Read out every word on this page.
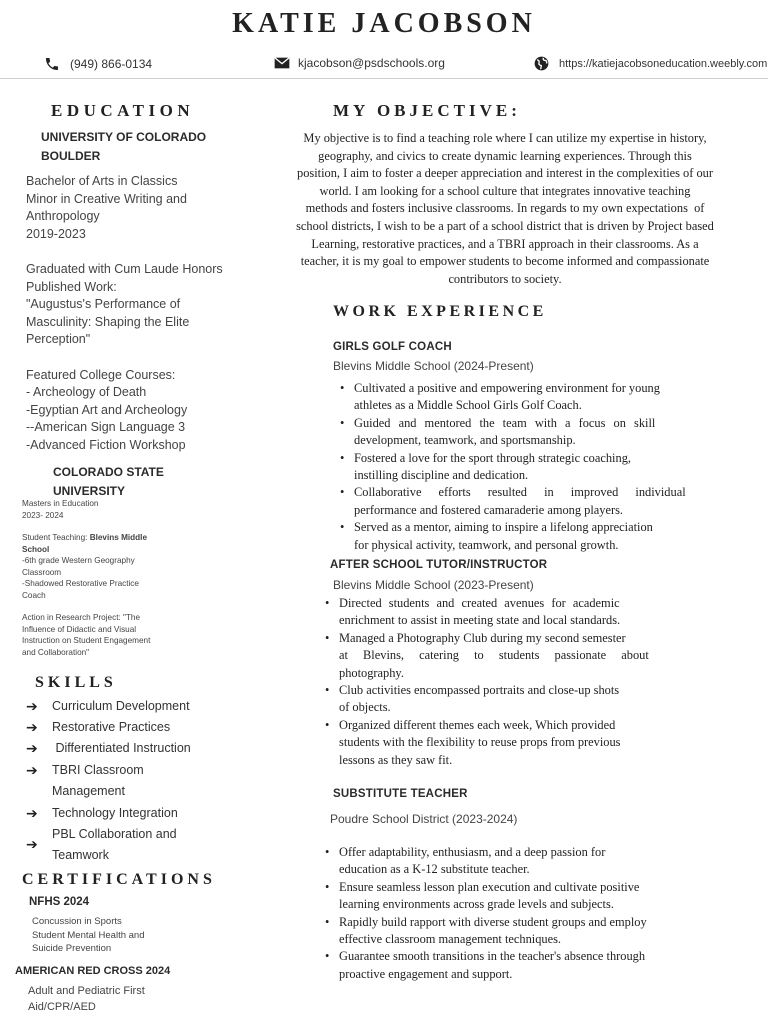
KATIE JACOBSON
(949) 866-0134	kjacobson@psdschools.org	https://katiejacobsoneducation.weebly.com
EDUCATION
UNIVERSITY OF COLORADO
BOULDER
Bachelor of Arts in Classics
Minor in Creative Writing and
Anthropology
2019-2023
Graduated with Cum Laude Honors
Published Work:
"Augustus's Performance of
Masculinity: Shaping the Elite
Perception"
Featured College Courses:
- Archeology of Death
-Egyptian Art and Archeology
--American Sign Language 3
-Advanced Fiction Workshop
COLORADO STATE
UNIVERSITY
Masters in Education
2023- 2024
Student Teaching: Blevins Middle
School
-6th grade Western Geography
Classroom
-Shadowed Restorative Practice
Coach
Action in Research Project: "The
Influence of Didactic and Visual
Instruction on Student Engagement
and Collaboration"
SKILLS
➔	Curriculum Development
➔	Restorative Practices
➔	Differentiated Instruction
➔	TBRI Classroom
Management
➔	Technology Integration
➔
PBL Collaboration and
Teamwork
CERTIFICATIONS
NFHS 2024
Concussion in Sports
Student Mental Health and
Suicide Prevention
AMERICAN RED CROSS 2024
Adult and Pediatric First
Aid/CPR/AED
MY OBJECTIVE:
My objective is to find a teaching role where I can utilize my expertise in history,
geography, and civics to create dynamic learning experiences. Through this
position, I aim to foster a deeper appreciation and interest in the complexities of our
world. I am looking for a school culture that integrates innovative teaching
methods and fosters inclusive classrooms. In regards to my own expectations  of
school districts, I wish to be a part of a school district that is driven by Project based
Learning, restorative practices, and a TBRI approach in their classrooms. As a
teacher, it is my goal to empower students to become informed and compassionate
contributors to society.
WORK EXPERIENCE
GIRLS GOLF COACH
Blevins Middle School (2024-Present)
• Cultivated a positive and empowering environment for young
athletes as a Middle School Girls Golf Coach.
• Guided and mentored the team with a focus on skill
development, teamwork, and sportsmanship.
• Fostered a love for the sport through strategic coaching,
instilling discipline and dedication.
• Collaborative efforts resulted in improved individual
performance and fostered camaraderie among players.
• Served as a mentor, aiming to inspire a lifelong appreciation
for physical activity, teamwork, and personal growth.
AFTER SCHOOL TUTOR/INSTRUCTOR
Blevins Middle School (2023-Present)
• Directed students and created avenues for academic
enrichment to assist in meeting state and local standards.
• Managed a Photography Club during my second semester
at Blevins, catering to students passionate about
photography.
• Club activities encompassed portraits and close-up shots
of objects.
• Organized different themes each week, Which provided
students with the flexibility to reuse props from previous
lessons as they saw fit.
SUBSTITUTE TEACHER
Poudre School District (2023-2024)
• Offer adaptability, enthusiasm, and a deep passion for
education as a K-12 substitute teacher.
• Ensure seamless lesson plan execution and cultivate positive
learning environments across grade levels and subjects.
• Rapidly build rapport with diverse student groups and employ
effective classroom management techniques.
• Guarantee smooth transitions in the teacher's absence through
proactive engagement and support.
